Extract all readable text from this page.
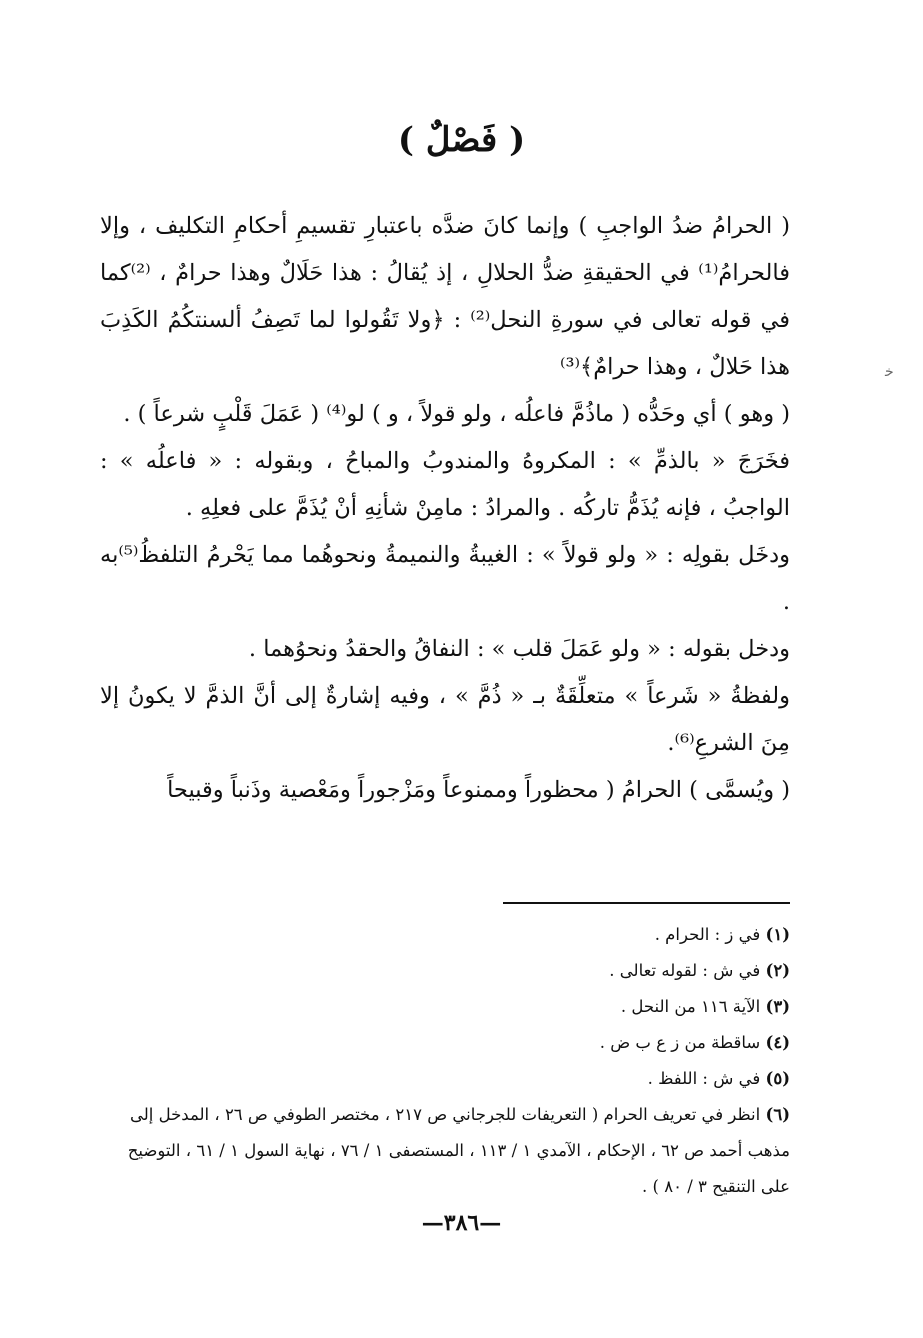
( فَصْلٌ )

( الحرامُ ضدُ الواجبِ ) وإنما كانَ ضدَّه باعتبارِ تقسيمِ أحكامِ التكليف ، وإلا فالحرامُ⁽¹⁾ في الحقيقةِ ضدُّ الحلالِ ، إذ يُقالُ : هذا حَلَالٌ وهذا حرامٌ ، ⁽²⁾كما في قوله تعالى في سورةِ النحل⁽²⁾ : ﴿ولا تَقُولوا لما تَصِفُ ألسنتكُمُ الكَذِبَ هذا حَلالٌ ، وهذا حرامٌ﴾⁽³⁾

( وهو ) أي وحَدُّه ( ماذُمَّ فاعلُه ، ولو قولاً ، و ) لو⁽⁴⁾ ( عَمَلَ قَلْبٍ شرعاً ) .

فخَرَجَ « بالذمِّ » : المكروهُ والمندوبُ والمباحُ ، وبقوله : « فاعلُه » : الواجبُ ، فإنه يُذَمُّ تاركُه . والمرادُ : مامِنْ شأنِهِ أنْ يُذَمَّ على فعلِهِ .

ودخَل بقولِه : « ولو قولاً » : الغيبةُ والنميمةُ ونحوهُما مما يَحْرمُ التلفظُ⁽⁵⁾به .

ودخل بقوله : « ولو عَمَلَ قلب » : النفاقُ والحقدُ ونحوُهما .

ولفظةُ « شَرعاً » متعلِّقَةٌ بـ « ذُمَّ » ، وفيه إشارةٌ إلى أنَّ الذمَّ لا يكونُ إلا مِنَ الشرعِ⁽⁶⁾.

( ويُسمَّى ) الحرامُ ( محظوراً وممنوعاً ومَزْجوراً ومَعْصية وذَنباً وقبيحاً

(١) في ز : الحرام .

(٢) في ش : لقوله تعالى .

(٣) الآية ١١٦ من النحل .

(٤) ساقطة من ز ع ب ض .

(٥) في ش : اللفظ .

(٦) انظر في تعريف الحرام ( التعريفات للجرجاني ص ٢١٧ ، مختصر الطوفي ص ٢٦ ، المدخل إلى مذهب أحمد ص ٦٢ ، الإحكام ، الآمدي ١ / ١١٣ ، المستصفى ١ / ٧٦ ، نهاية السول ١ / ٦١ ، التوضيح على التنقيح ٣ / ٨٠ ) .

—٣٨٦—
ﺧ
